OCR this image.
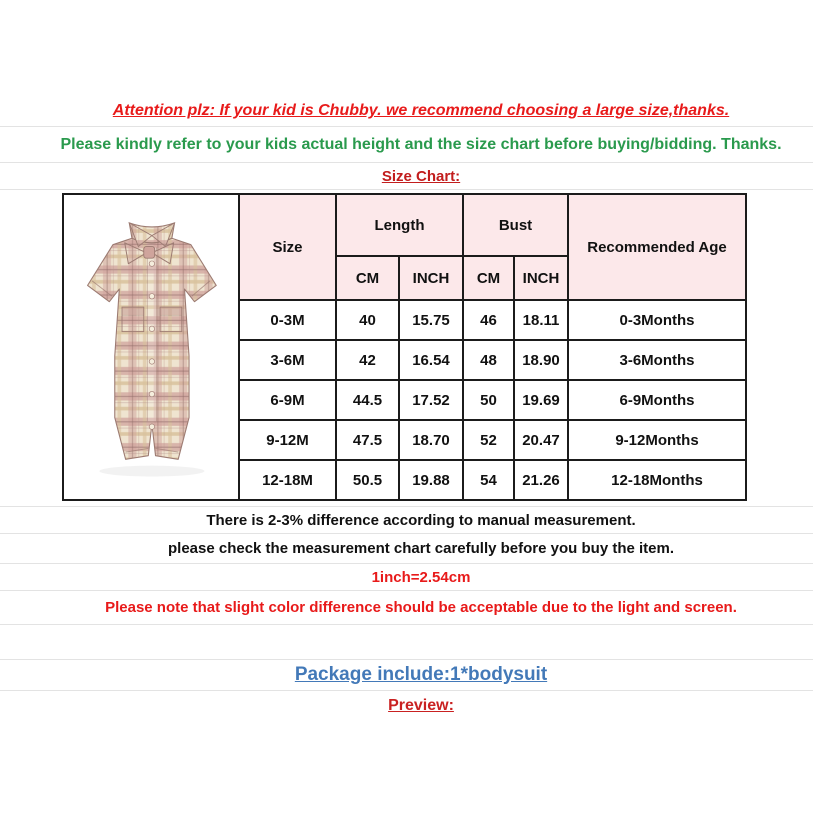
Attention plz: If your kid is Chubby. we recommend choosing a large size,thanks.
Please kindly refer to your kids actual height and the size chart before buying/bidding. Thanks.
Size Chart:
	Size	Length		Bust		Recommended Age
		CM	INCH	CM	INCH	
	0-3M	40	15.75	46	18.11	0-3Months
	3-6M	42	16.54	48	18.90	3-6Months
	6-9M	44.5	17.52	50	19.69	6-9Months
	9-12M	47.5	18.70	52	20.47	9-12Months
	12-18M	50.5	19.88	54	21.26	12-18Months
There is 2-3% difference according to manual measurement.
please check the measurement chart carefully before you buy the item.
1inch=2.54cm
Please note that slight color difference should be acceptable due to the light and screen.
Package include:1*bodysuit
Preview:
